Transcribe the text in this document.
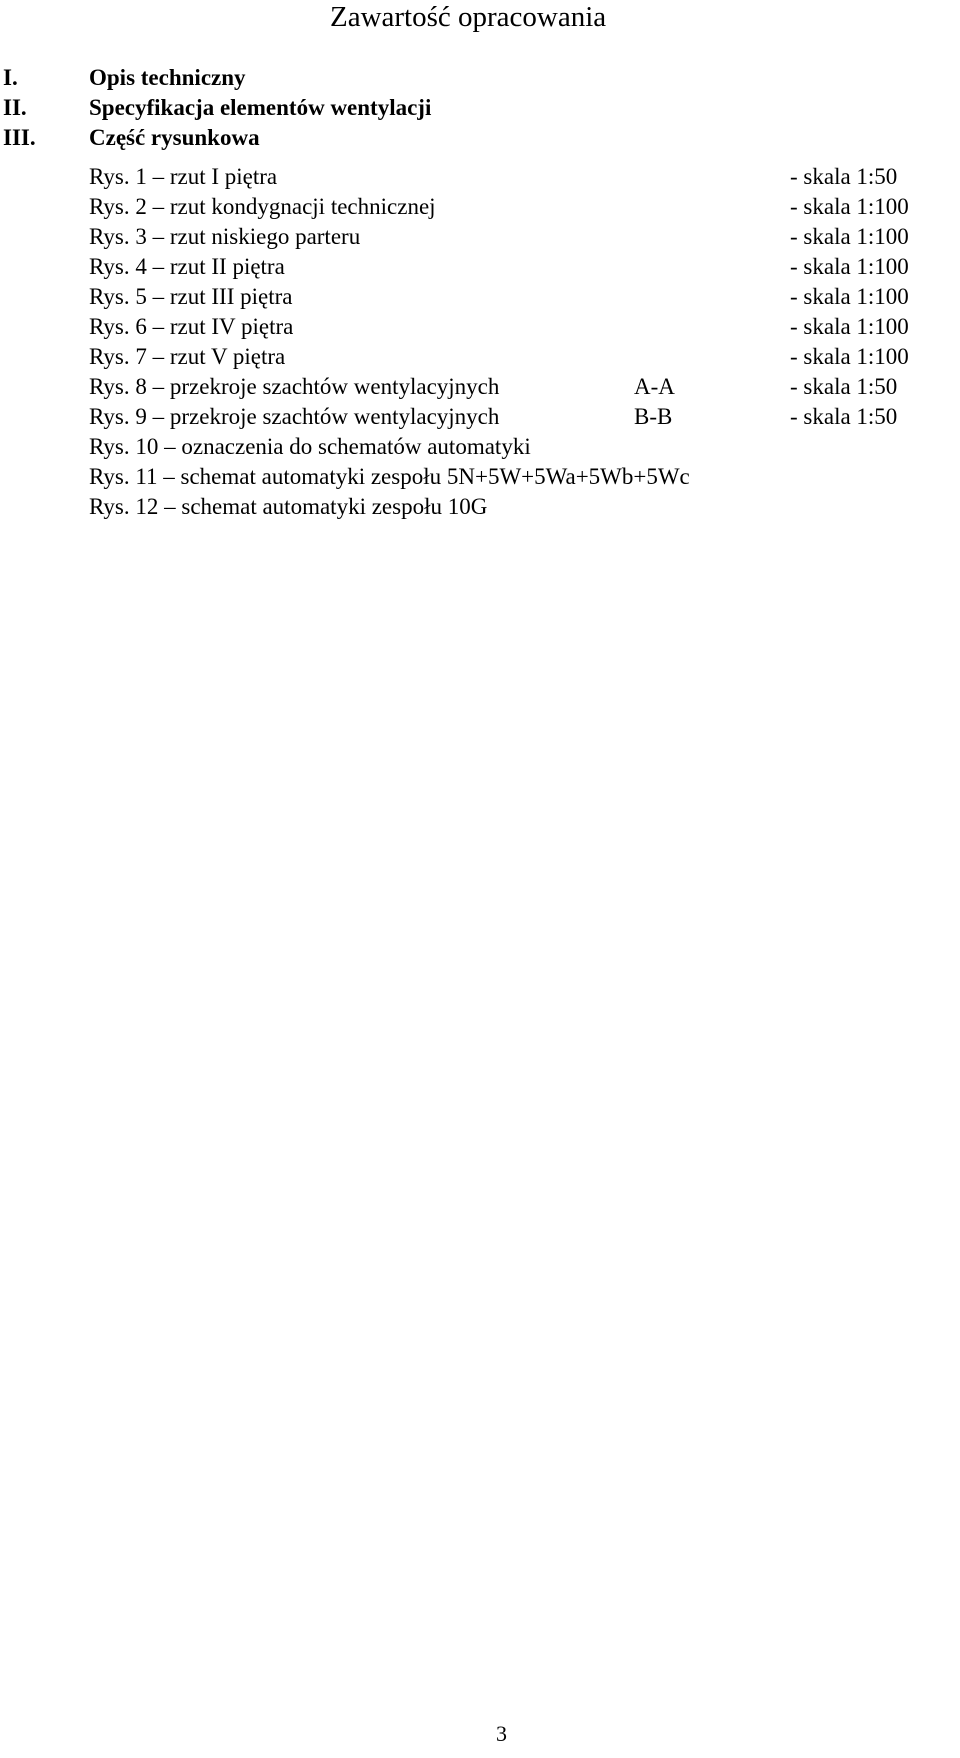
Zawartość opracowania
I.	Opis techniczny
II.	Specyfikacja elementów wentylacji
III. Część rysunkowa
Rys. 1 – rzut I piętra	- skala 1:50
Rys. 2 – rzut kondygnacji technicznej	- skala 1:100
Rys. 3 – rzut niskiego parteru	- skala 1:100
Rys. 4 – rzut II piętra	- skala 1:100
Rys. 5 – rzut III piętra	- skala 1:100
Rys. 6 – rzut IV piętra	- skala 1:100
Rys. 7 – rzut V piętra	- skala 1:100
Rys. 8 – przekroje szachtów wentylacyjnych	A-A	- skala 1:50
Rys. 9 – przekroje szachtów wentylacyjnych	B-B	- skala 1:50
Rys. 10 – oznaczenia do schematów automatyki
Rys. 11 – schemat automatyki zespołu 5N+5W+5Wa+5Wb+5Wc
Rys. 12 – schemat automatyki zespołu 10G
3
